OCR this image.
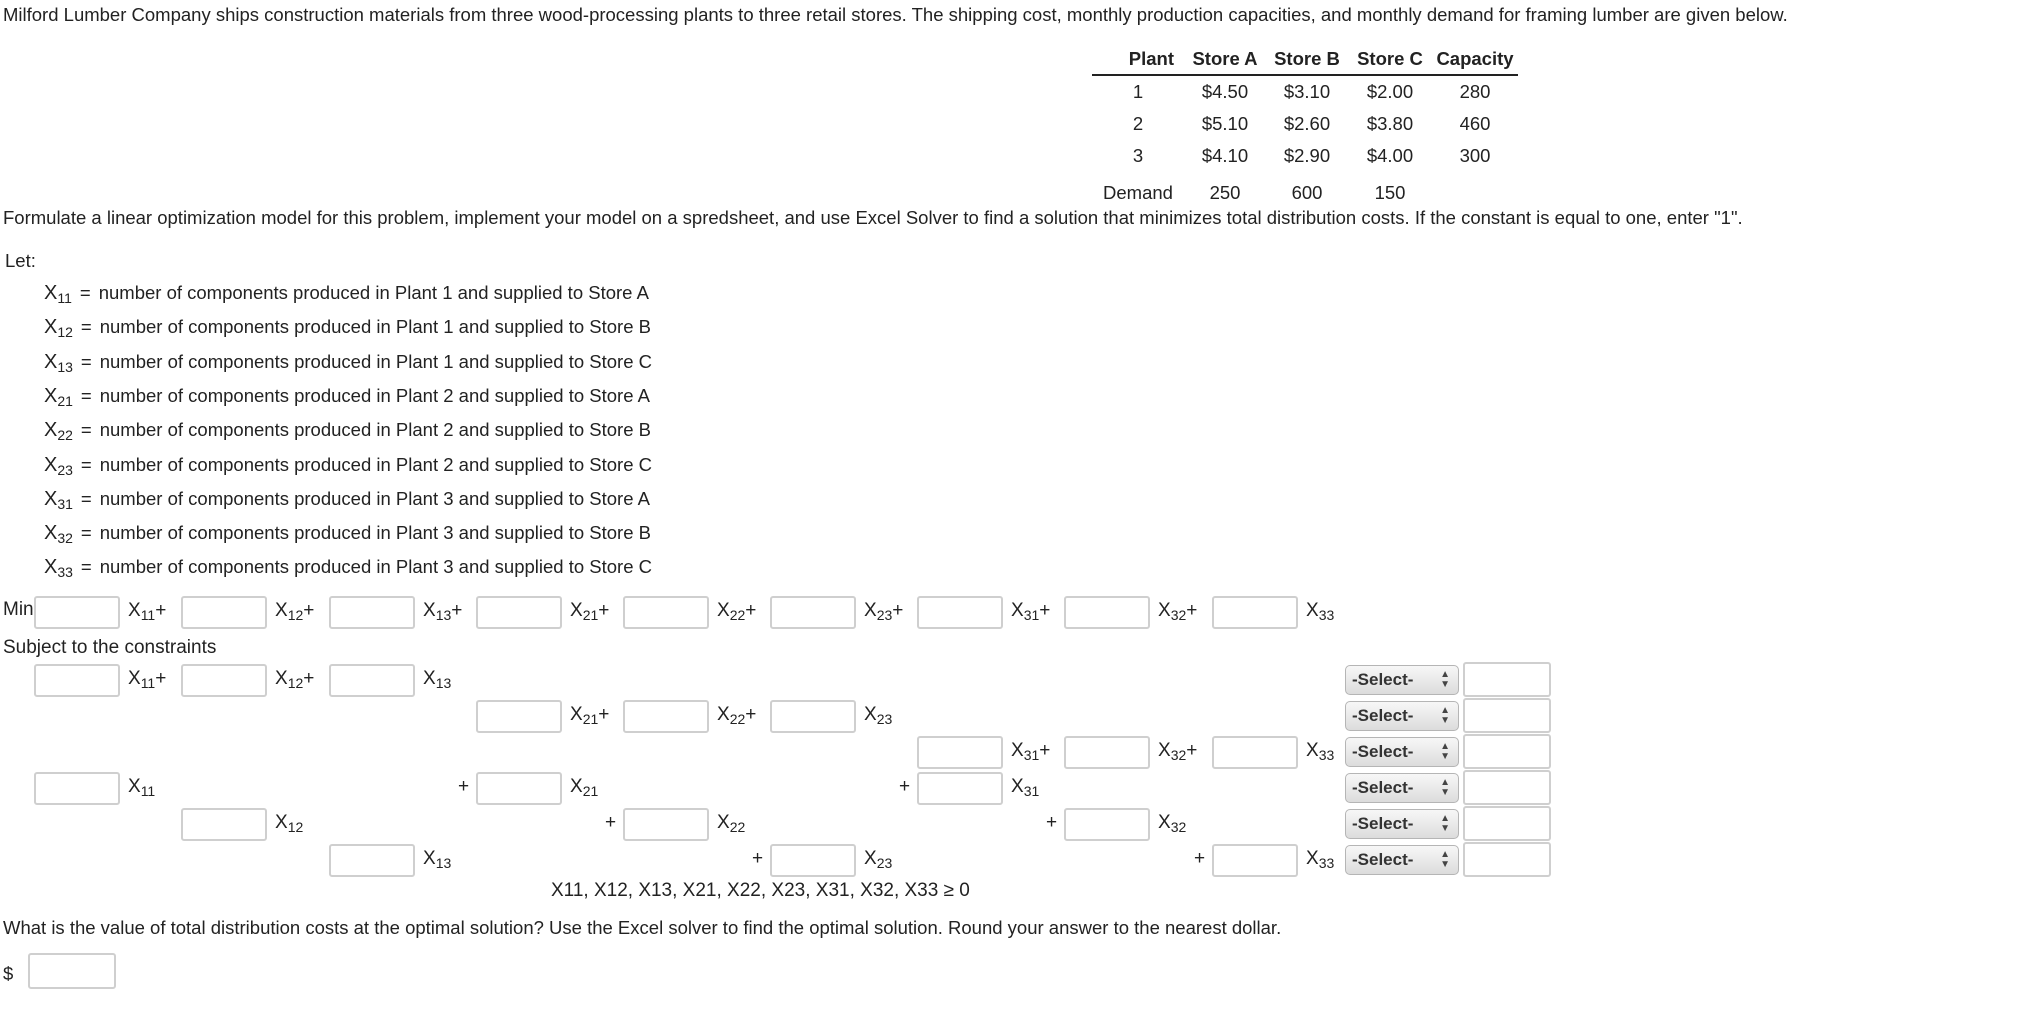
Milford Lumber Company ships construction materials from three wood-processing plants to three retail stores. The shipping cost, monthly production capacities, and monthly demand for framing lumber are given below.
Plant	Store A	Store B	Store C	Capacity
1	$4.50	$3.10	$2.00	280
2	$5.10	$2.60	$3.80	460
3	$4.10	$2.90	$4.00	300
Demand	250	600	150	
Formulate a linear optimization model for this problem, implement your model on a spredsheet, and use Excel Solver to find a solution that minimizes total distribution costs. If the constant is equal to one, enter "1".
Let:
$X_{11}$ = number of components produced in Plant 1 and supplied to Store A
$X_{12}$ = number of components produced in Plant 1 and supplied to Store B
$X_{13}$ = number of components produced in Plant 1 and supplied to Store C
$X_{21}$ = number of components produced in Plant 2 and supplied to Store A
$X_{22}$ = number of components produced in Plant 2 and supplied to Store B
$X_{23}$ = number of components produced in Plant 2 and supplied to Store C
$X_{31}$ = number of components produced in Plant 3 and supplied to Store A
$X_{32}$ = number of components produced in Plant 3 and supplied to Store B
$X_{33}$ = number of components produced in Plant 3 and supplied to Store C
Min	$X_{11}+$	$X_{12}+$	$X_{13}+$	$X_{21}+$	$X_{22}+$	$X_{23}+$	$X_{31}+$	$X_{32}+$	$X_{33}$
Subject to the constraints
$X_{11}+$	$X_{12}+$	$X_{13}$	-Select-	▲
▼
$X_{21}+$	$X_{22}+$	$X_{23}$	-Select-	▲
▼
$X_{31}+$	$X_{32}+$	$X_{33}$ -Select-	▲
▼
$X_{11}$	+	$X_{21}$	+	$X_{31}$	-Select-	▲
▼
$X_{12}$	+	$X_{22}$	+	$X_{32}$	-Select-	▲
▼
$X_{13}$	+	$X_{23}$	+	$X_{33}$ -Select-	▲
▼
X11, X12, X13, X21, X22, X23, X31, X32, X33 ≥ 0
What is the value of total distribution costs at the optimal solution? Use the Excel solver to find the optimal solution. Round your answer to the nearest dollar.
$
